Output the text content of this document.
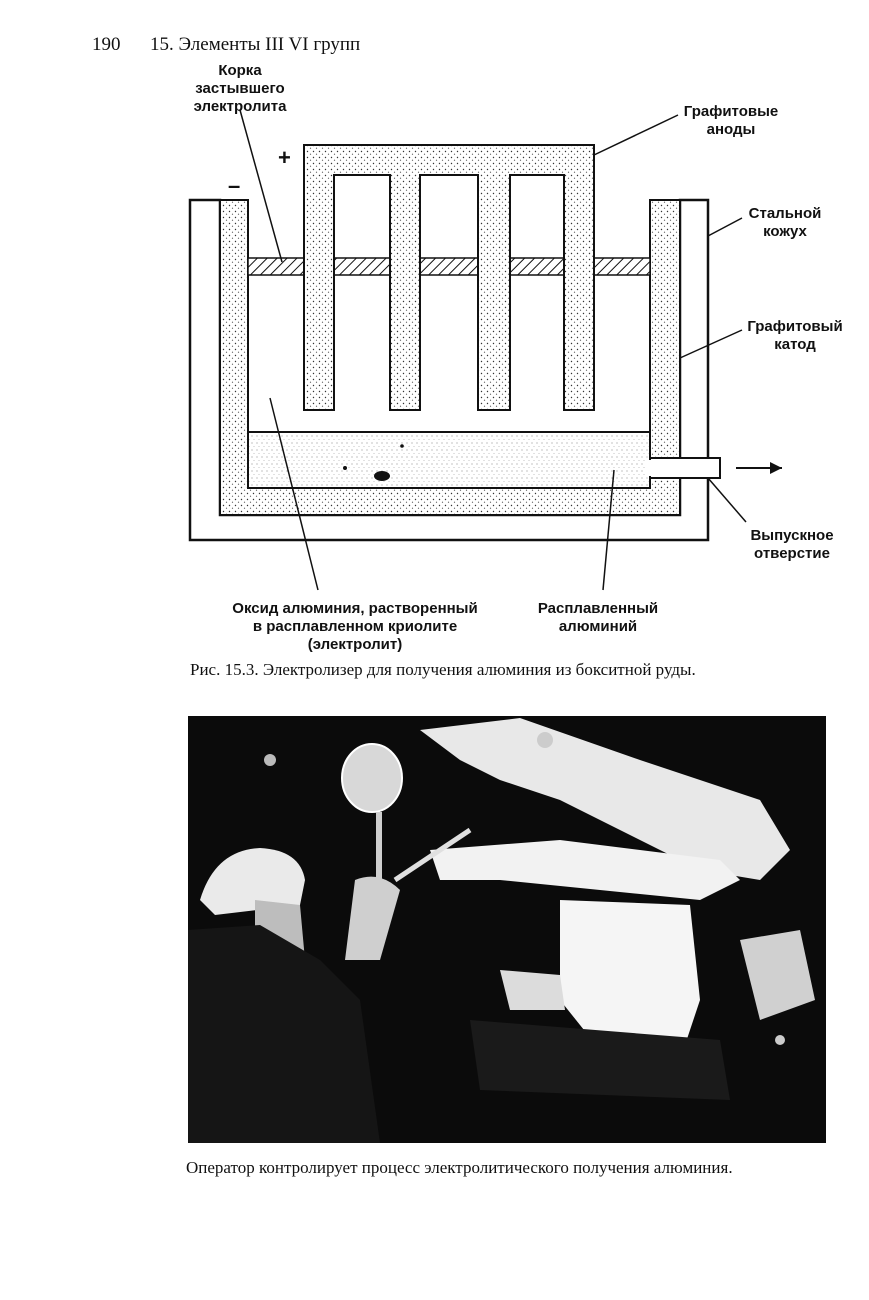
190 15. Элементы III VI групп
+
–
Корка
застывшего
электролита	Графитовые
аноды
Стальной
кожух
Графитовый
катод
Выпускное
отверстие
Оксид алюминия, растворенный
в расплавленном криолите
(электролит)
Расплавленный
алюминий
Рис. 15.3. Электролизер для получения алюминия из бокситной руды.
Оператор контролирует процесс электролитического получения алюминия.
